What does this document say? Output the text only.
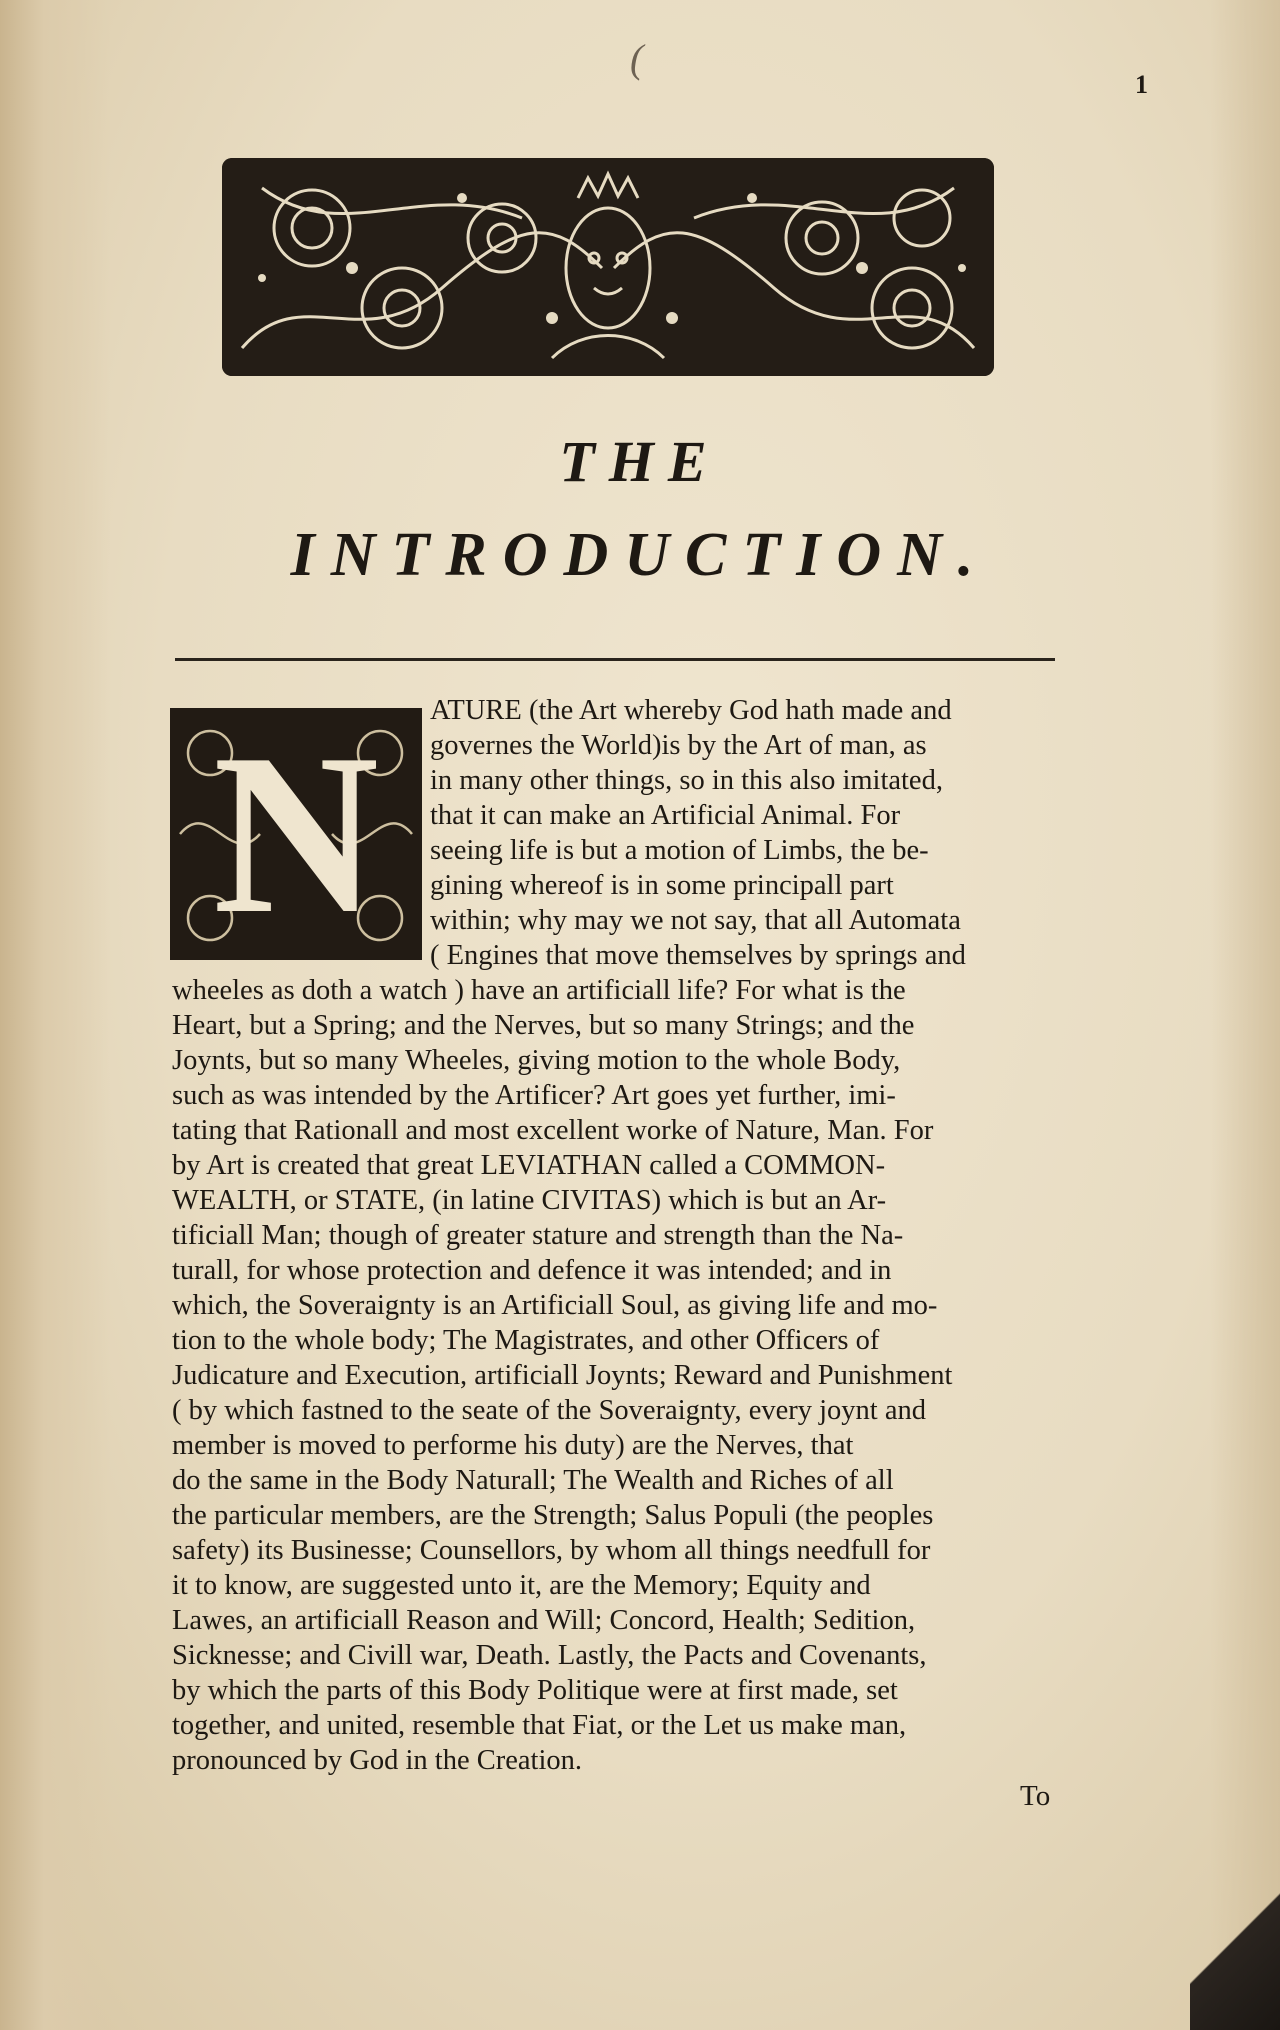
(
1
THE
INTRODUCTION.
N	ATURE (the Art whereby God hath made and
governes the World)is by the Art of man, as
in many other things, so in this also imitated,
that it can make an Artificial Animal. For
seeing life is but a motion of Limbs, the be-
gining whereof is in some principall part
within; why may we not say, that all Automata
( Engines that move themselves by springs and
wheeles as doth a watch ) have an artificiall life? For what is the
Heart, but a Spring; and the Nerves, but so many Strings; and the
Joynts, but so many Wheeles, giving motion to the whole Body,
such as was intended by the Artificer? Art goes yet further, imi-
tating that Rationall and most excellent worke of Nature, Man. For
by Art is created that great LEVIATHAN called a COMMON-
WEALTH, or STATE, (in latine CIVITAS) which is but an Ar-
tificiall Man; though of greater stature and strength than the Na-
turall, for whose protection and defence it was intended; and in
which, the Soveraignty is an Artificiall Soul, as giving life and mo-
tion to the whole body; The Magistrates, and other Officers of
Judicature and Execution, artificiall Joynts; Reward and Punishment
( by which fastned to the seate of the Soveraignty, every joynt and
member is moved to performe his duty) are the Nerves, that
do the same in the Body Naturall; The Wealth and Riches of all
the particular members, are the Strength; Salus Populi (the peoples
safety) its Businesse; Counsellors, by whom all things needfull for
it to know, are suggested unto it, are the Memory; Equity and
Lawes, an artificiall Reason and Will; Concord, Health; Sedition,
Sicknesse; and Civill war, Death. Lastly, the Pacts and Covenants,
by which the parts of this Body Politique were at first made, set
together, and united, resemble that Fiat, or the Let us make man,
pronounced by God in the Creation.
To
